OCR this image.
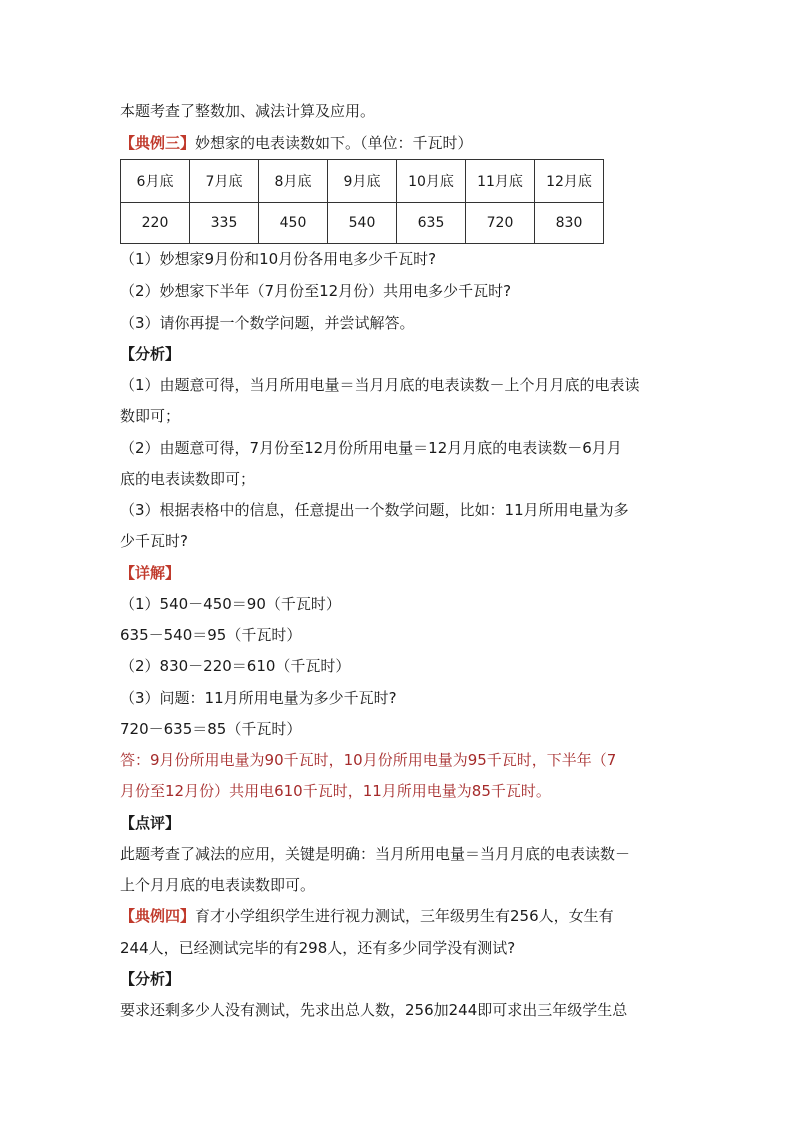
本题考查了整数加、减法计算及应用。
【典例三】妙想家的电表读数如下。（单位：千瓦时）
6月底	7月底	8月底	9月底	10月底	11月底	12月底
220	335	450	540	635	720	830
（1）妙想家9月份和10月份各用电多少千瓦时?
（2）妙想家下半年（7月份至12月份）共用电多少千瓦时?
（3）请你再提一个数学问题，并尝试解答。
【分析】
（1）由题意可得，当月所用电量＝当月月底的电表读数－上个月月底的电表读
数即可；
（2）由题意可得，7月份至12月份所用电量＝12月月底的电表读数－6月月
底的电表读数即可；
（3）根据表格中的信息，任意提出一个数学问题，比如：11月所用电量为多
少千瓦时?
【详解】
（1）540－450＝90（千瓦时）
635－540＝95（千瓦时）
（2）830－220＝610（千瓦时）
（3）问题：11月所用电量为多少千瓦时?
720－635＝85（千瓦时）
答：9月份所用电量为90千瓦时，10月份所用电量为95千瓦时，下半年（7
月份至12月份）共用电610千瓦时，11月所用电量为85千瓦时。
【点评】
此题考查了减法的应用，关键是明确：当月所用电量＝当月月底的电表读数－
上个月月底的电表读数即可。
【典例四】育才小学组织学生进行视力测试，三年级男生有256人，女生有
244人，已经测试完毕的有298人，还有多少同学没有测试?
【分析】
要求还剩多少人没有测试，先求出总人数，256加244即可求出三年级学生总
